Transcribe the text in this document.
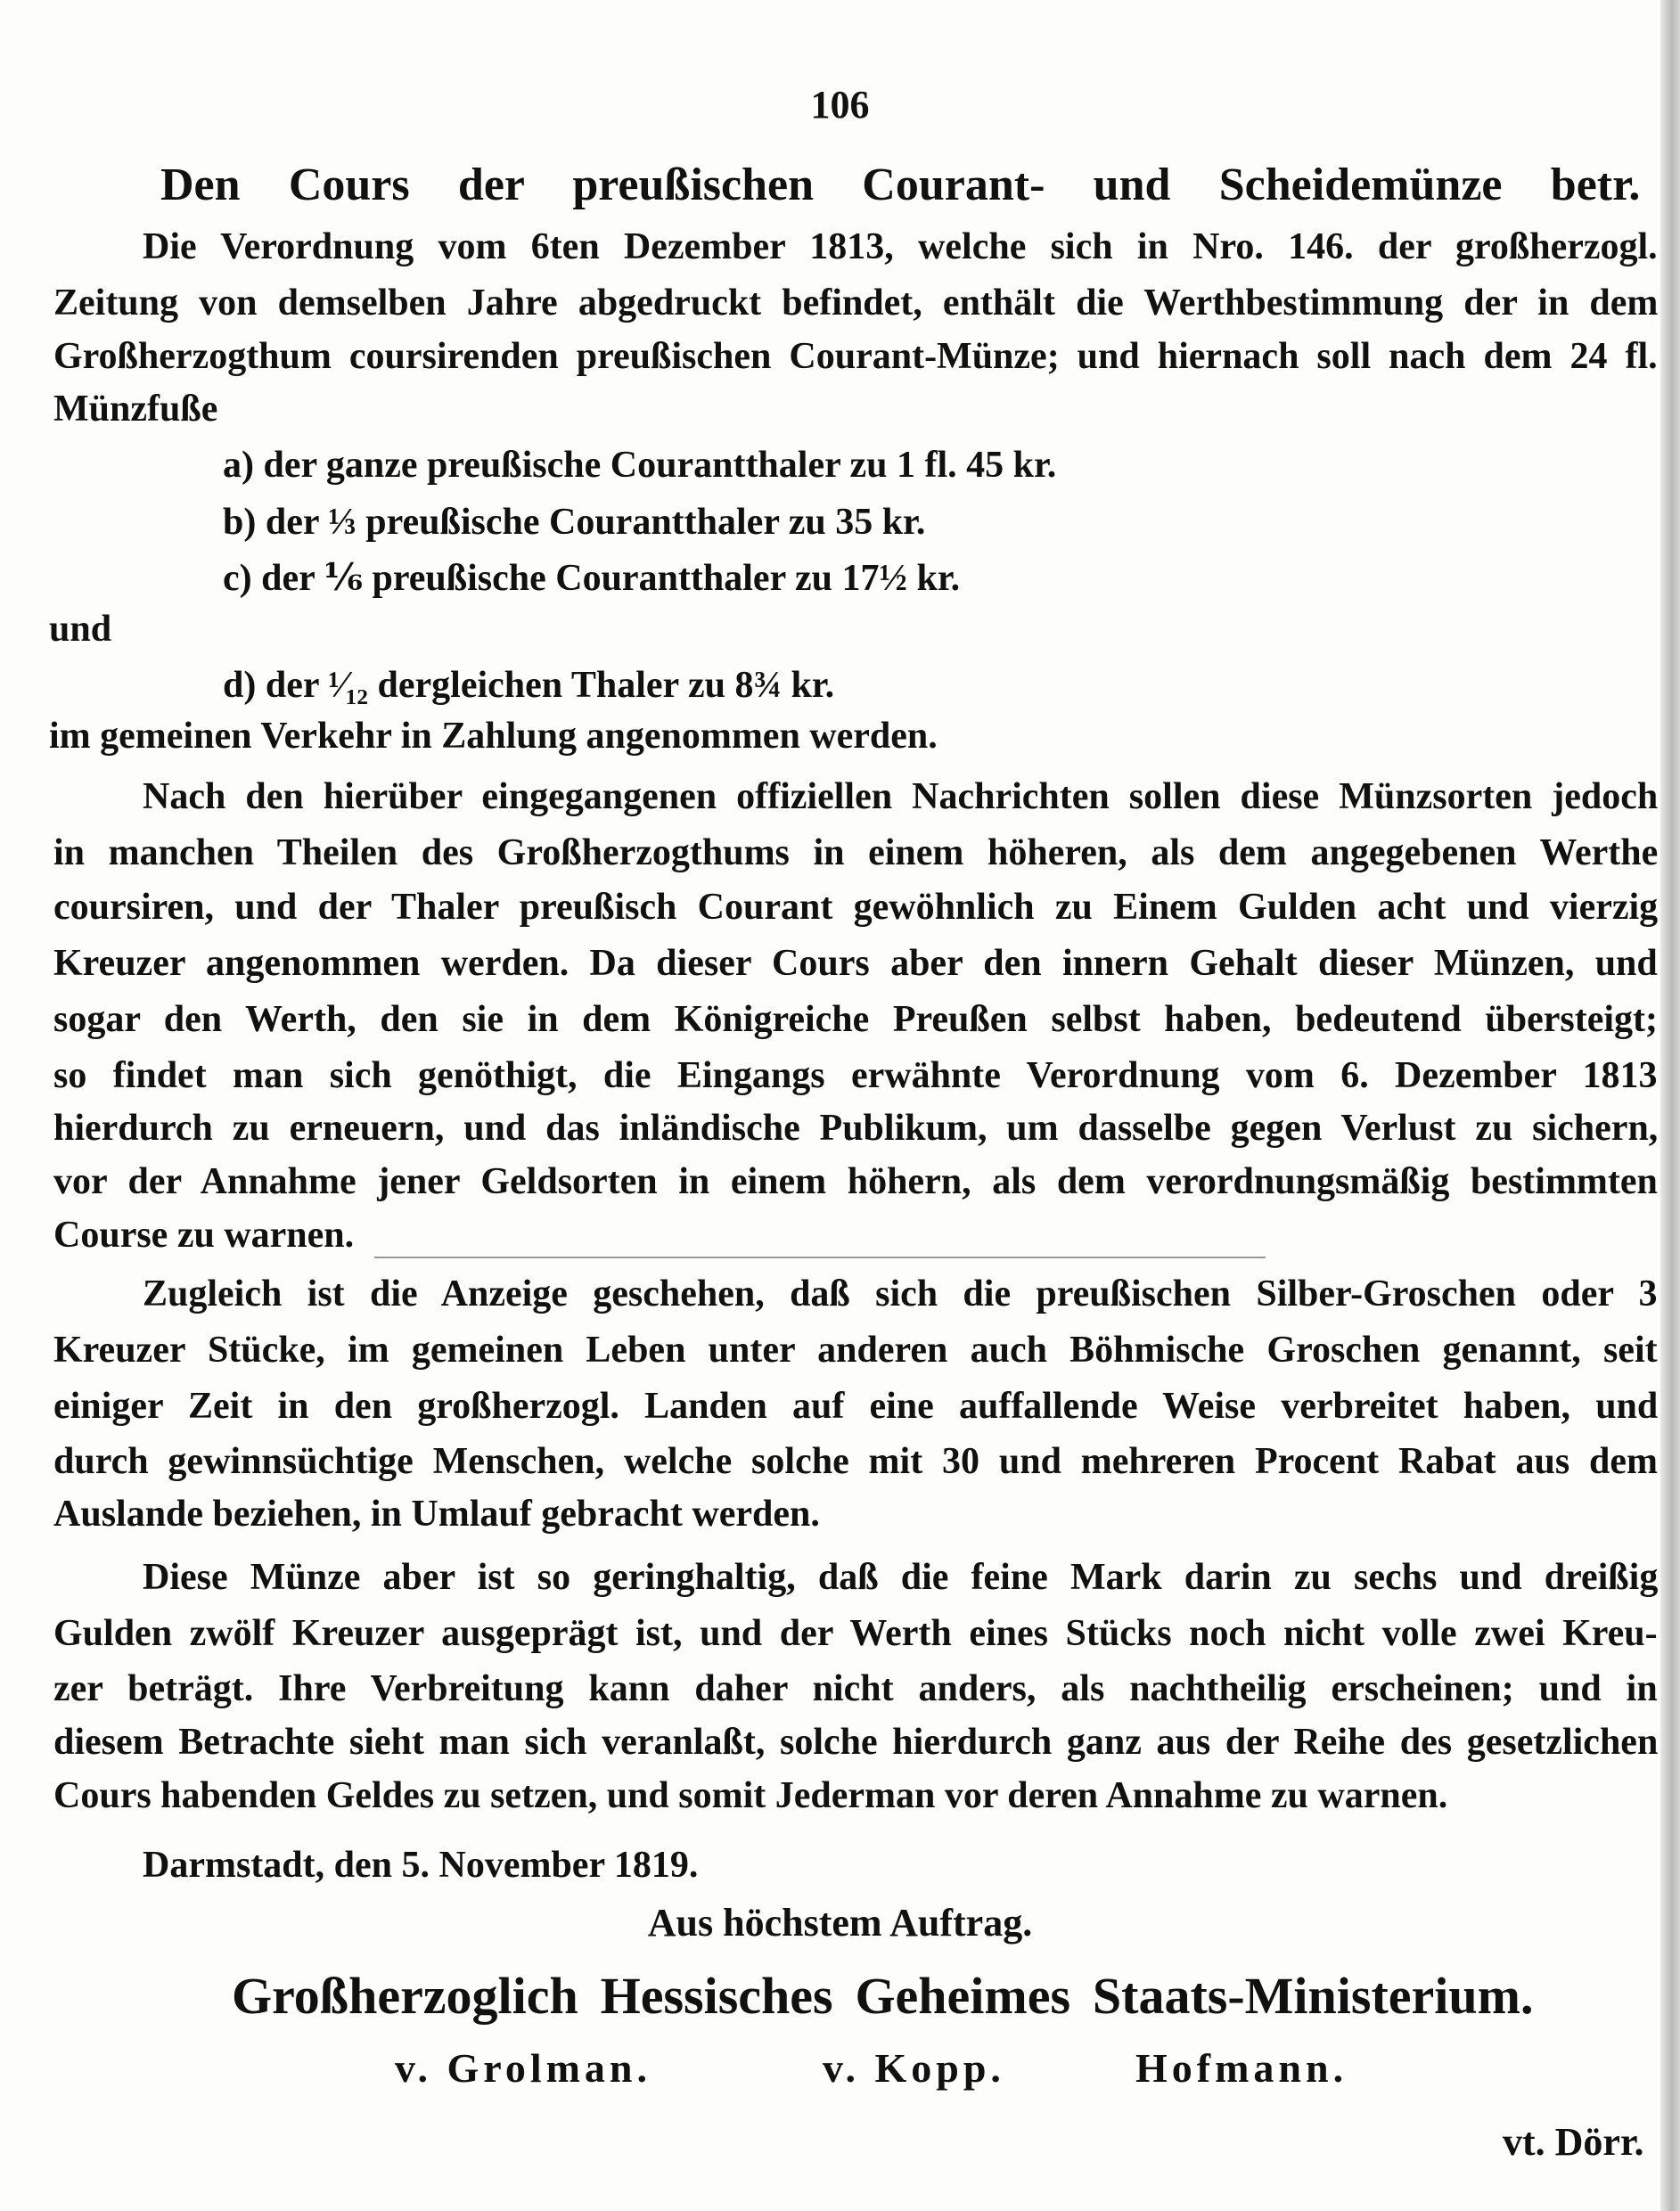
106
Den Cours der preußischen Courant- und Scheidemünze betr.
Die Verordnung vom 6ten Dezember 1813, welche sich in Nro. 146. der großherzogl.
Zeitung von demselben Jahre abgedruckt befindet, enthält die Werthbestimmung der in dem
Großherzogthum coursirenden preußischen Courant-Münze; und hiernach soll nach dem 24 fl.
Münzfuße
a) der ganze preußische Courantthaler zu 1 fl. 45 kr.
b) der ⅓ preußische Courantthaler zu 35 kr.
c) der ⅙ preußische Courantthaler zu 17½ kr.
und
d) der ¹⁄₁₂ dergleichen Thaler zu 8¾ kr.
im gemeinen Verkehr in Zahlung angenommen werden.
Nach den hierüber eingegangenen offiziellen Nachrichten sollen diese Münzsorten jedoch
in manchen Theilen des Großherzogthums in einem höheren, als dem angegebenen Werthe
coursiren, und der Thaler preußisch Courant gewöhnlich zu Einem Gulden acht und vierzig
Kreuzer angenommen werden. Da dieser Cours aber den innern Gehalt dieser Münzen, und
sogar den Werth, den sie in dem Königreiche Preußen selbst haben, bedeutend übersteigt;
so findet man sich genöthigt, die Eingangs erwähnte Verordnung vom 6. Dezember 1813
hierdurch zu erneuern, und das inländische Publikum, um dasselbe gegen Verlust zu sichern,
vor der Annahme jener Geldsorten in einem höhern, als dem verordnungsmäßig bestimmten
Course zu warnen.
Zugleich ist die Anzeige geschehen, daß sich die preußischen Silber-Groschen oder 3
Kreuzer Stücke, im gemeinen Leben unter anderen auch Böhmische Groschen genannt, seit
einiger Zeit in den großherzogl. Landen auf eine auffallende Weise verbreitet haben, und
durch gewinnsüchtige Menschen, welche solche mit 30 und mehreren Procent Rabat aus dem
Auslande beziehen, in Umlauf gebracht werden.
Diese Münze aber ist so geringhaltig, daß die feine Mark darin zu sechs und dreißig
Gulden zwölf Kreuzer ausgeprägt ist, und der Werth eines Stücks noch nicht volle zwei Kreu-
zer beträgt. Ihre Verbreitung kann daher nicht anders, als nachtheilig erscheinen; und in
diesem Betrachte sieht man sich veranlaßt, solche hierdurch ganz aus der Reihe des gesetzlichen
Cours habenden Geldes zu setzen, und somit Jederman vor deren Annahme zu warnen.
Darmstadt, den 5. November 1819.
Aus höchstem Auftrag.
Großherzoglich Hessisches Geheimes Staats-Ministerium.
v. Grolman.	v. Kopp.	Hofmann.
vt. Dörr.
